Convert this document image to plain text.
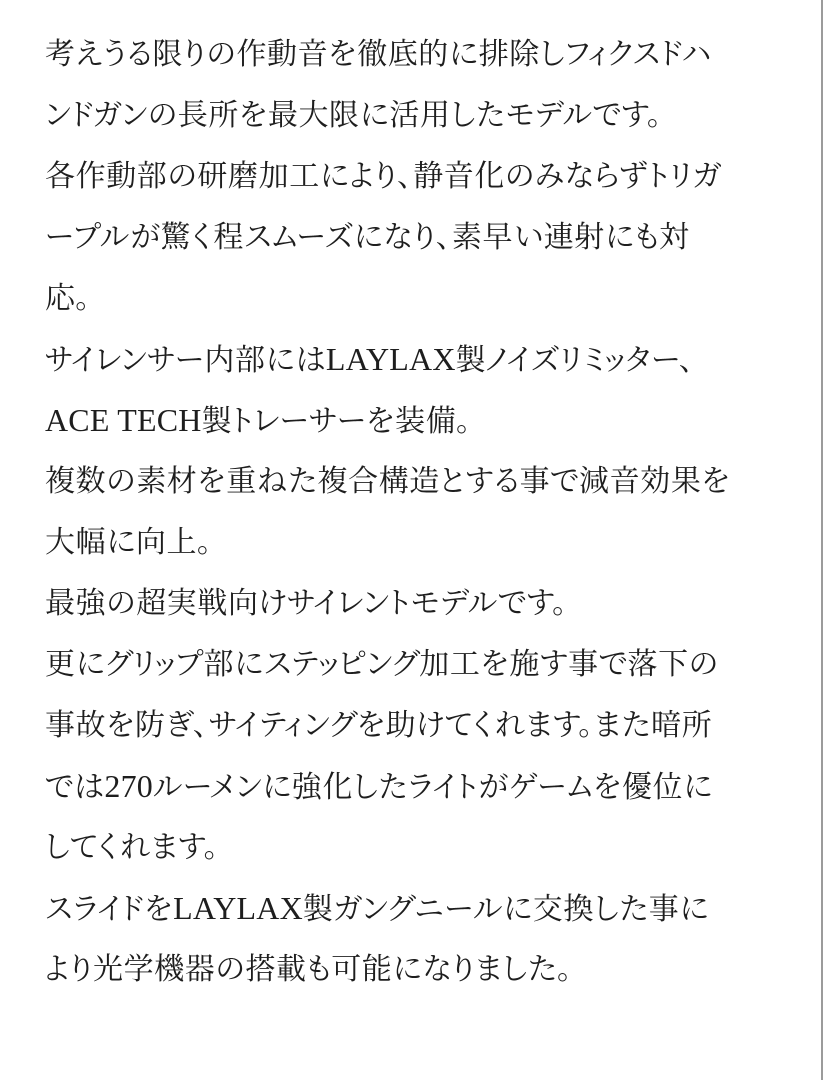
考えうる限りの作動音を徹底的に排除しフィクスドハ
ンドガンの長所を最大限に活用したモデルです。
各作動部の研磨加工により、静音化のみならずトリガ
ープルが驚く程スムーズになり、素早い連射にも対
応。
サイレンサー内部にはLAYLAX製ノイズリミッター、
ACE TECH製トレーサーを装備。
複数の素材を重ねた複合構造とする事で減音効果を
大幅に向上。
最強の超実戦向けサイレントモデルです。
更にグリップ部にステッピング加工を施す事で落下の
事故を防ぎ、サイティングを助けてくれます。また暗所
では270ルーメンに強化したライトがゲームを優位に
してくれます。
スライドをLAYLAX製ガングニールに交換した事に
より光学機器の搭載も可能になりました。
